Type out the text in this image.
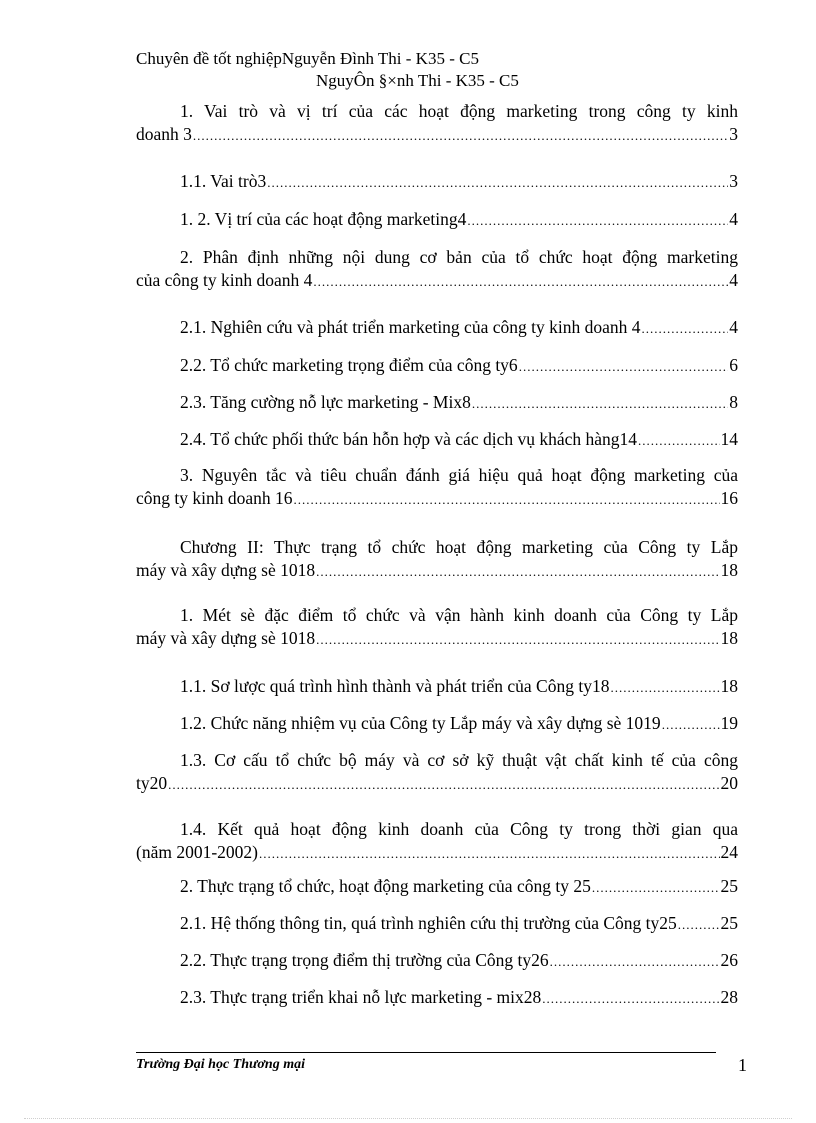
Chuyên đề tốt nghiệpNguyễn Đình Thi - K35 - C5
NguyÔn §×nh Thi - K35 - C5
1. Vai trò và vị trí của các hoạt động marketing trong công ty kinh
doanh 3 .....	3
1.1. Vai trò3 .....	3
1. 2. Vị trí của các hoạt động marketing4 .....	4
2. Phân định những nội dung cơ bản của tổ chức hoạt động marketing
của công ty kinh doanh 4 .....	4
2.1. Nghiên cứu và phát triển marketing của công ty kinh doanh 4 .....	4
2.2. Tổ chức marketing trọng điểm của công ty6 .....	6
2.3. Tăng cường nỗ lực marketing - Mix8 .....	8
2.4. Tổ chức phối thức bán hỗn hợp và các dịch vụ khách hàng14 .....	14
3. Nguyên tắc và tiêu chuẩn đánh giá hiệu quả hoạt động marketing của
công ty kinh doanh 16 .....	16
Chương II: Thực trạng tổ chức hoạt động marketing của Công ty Lắp
máy và xây dựng sè 1018 .....	18
1. Mét sè đặc điểm tổ chức và vận hành kinh doanh của Công ty Lắp
máy và xây dựng sè 1018 .....	18
1.1. Sơ lược quá trình hình thành và phát triển của Công ty18 .....	18
1.2. Chức năng nhiệm vụ của Công ty Lắp máy và xây dựng sè 1019 .....	19
1.3. Cơ cấu tổ chức bộ máy và cơ sở kỹ thuật vật chất kinh tế của công
ty20 .....	20
1.4. Kết quả hoạt động kinh doanh của Công ty trong thời gian qua
(năm 2001-2002) .....	24
2. Thực trạng tổ chức, hoạt động marketing của công ty 25 .....	25
2.1. Hệ thống thông tin, quá trình nghiên cứu thị trường của Công ty25 ..... 25
2.2. Thực trạng trọng điểm thị trường của Công ty26 .....	26
2.3. Thực trạng triển khai nỗ lực marketing - mix28 .....	28
Trường Đại học Thương mại	1
